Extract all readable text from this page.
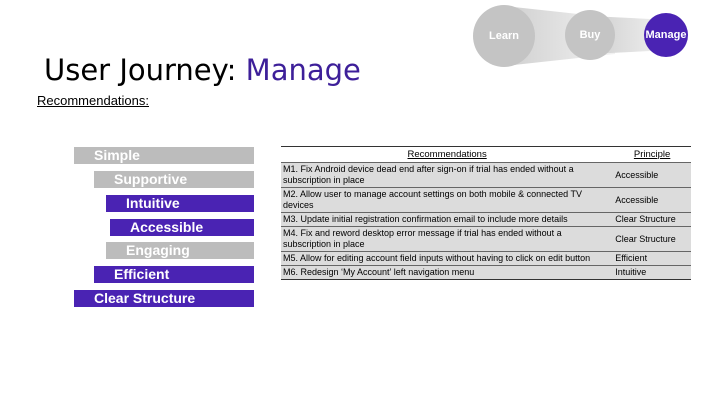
User Journey: Manage
Recommendations:
Learn	Buy	Manage
Simple
Supportive
Intuitive
Accessible
Engaging
Efficient
Clear Structure
Recommendations	Principle
M1. Fix Android device dead end after sign-on if trial has ended without a subscription in place	Accessible
M2. Allow user to manage account settings on both mobile & connected TV devices	Accessible
M3. Update initial registration confirmation email to include more details	Clear Structure
M4. Fix and reword desktop error message if trial has ended without a subscription in place	Clear Structure
M5. Allow for editing account field inputs without having to click on edit button	Efficient
M6. Redesign ‘My Account’ left navigation menu	Intuitive
